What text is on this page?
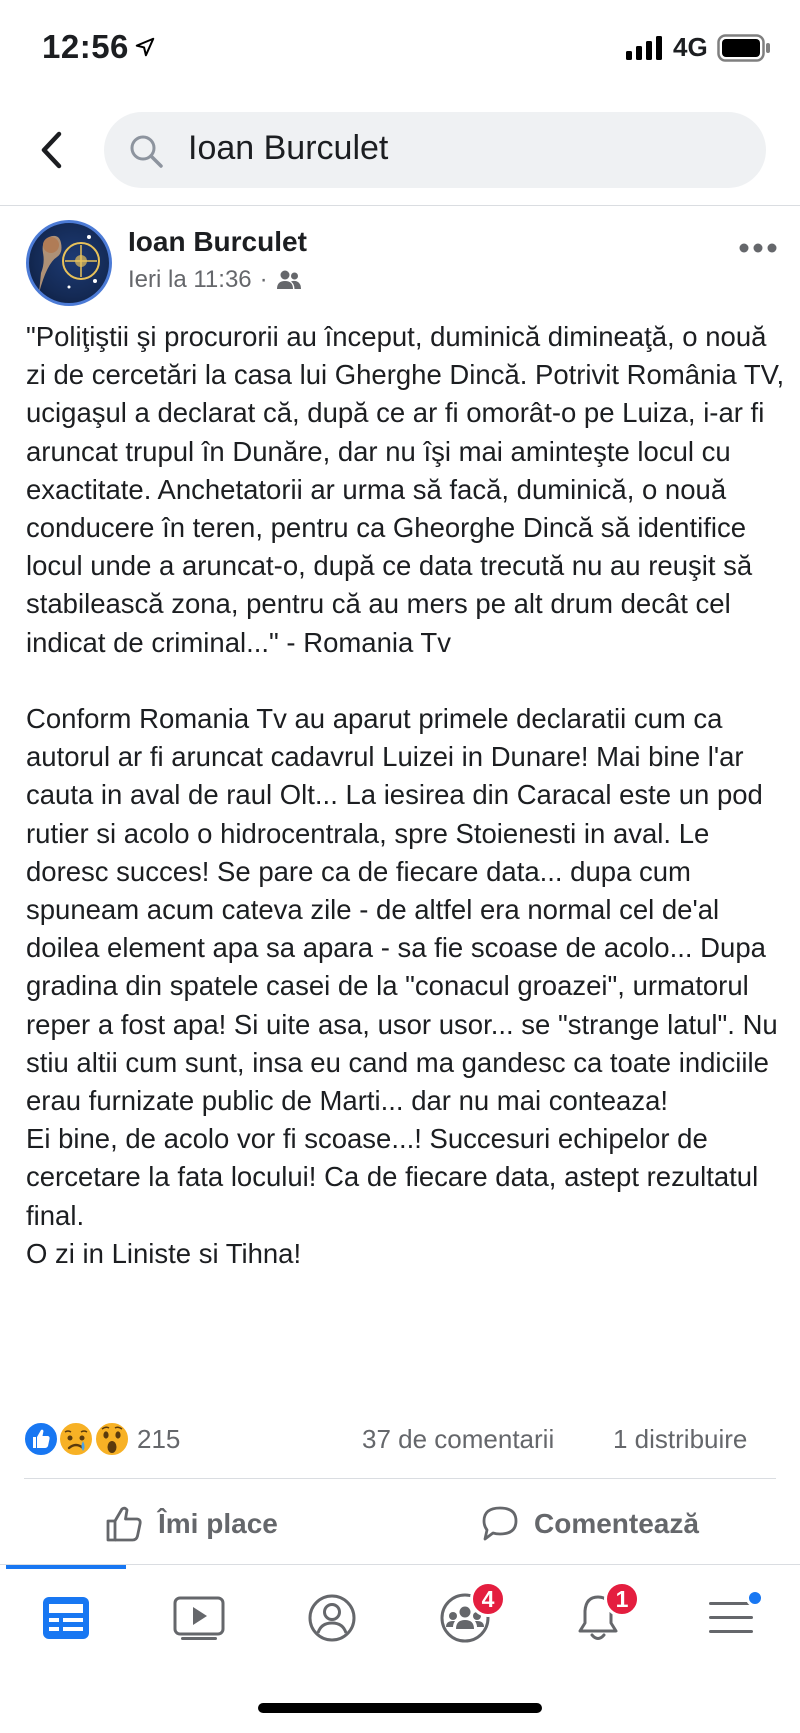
12:56	4G
Ioan Burculet
Ioan Burculet
Ieri la 11:36 ·
"Poliţiştii şi procurorii au început, duminică dimineaţă, o nouă zi de cercetări la casa lui Gherghe Dincă. Potrivit România TV, ucigaşul a declarat că, după ce ar fi omorât-o pe Luiza, i-ar fi aruncat trupul în Dunăre, dar nu îşi mai aminteşte locul cu exactitate. Anchetatorii ar urma să facă, duminică, o nouă conducere în teren, pentru ca Gheorghe Dincă să identifice locul unde a aruncat-o, după ce data trecută nu au reuşit să stabilească zona, pentru că au mers pe alt drum decât cel indicat de criminal..." - Romania Tv

Conform Romania Tv au aparut primele declaratii cum ca autorul ar fi aruncat cadavrul Luizei in Dunare! Mai bine l'ar cauta in aval de raul Olt... La iesirea din Caracal este un pod rutier si acolo o hidrocentrala, spre Stoienesti in aval. Le doresc succes! Se pare ca de fiecare data... dupa cum spuneam acum cateva zile - de altfel era normal cel de'al doilea element apa sa apara - sa fie scoase de acolo... Dupa gradina din spatele casei de la "conacul groazei", urmatorul reper a fost apa! Si uite asa, usor usor... se "strange latul". Nu stiu altii cum sunt, insa eu cand ma gandesc ca toate indiciile erau furnizate public de Marti... dar nu mai conteaza!
Ei bine, de acolo vor fi scoase...! Succesuri echipelor de cercetare la fata locului! Ca de fiecare data, astept rezultatul final.
O zi in Liniste si Tihna!
215	37 de comentarii 1 distribuire
Îmi place	Comentează
4	1
